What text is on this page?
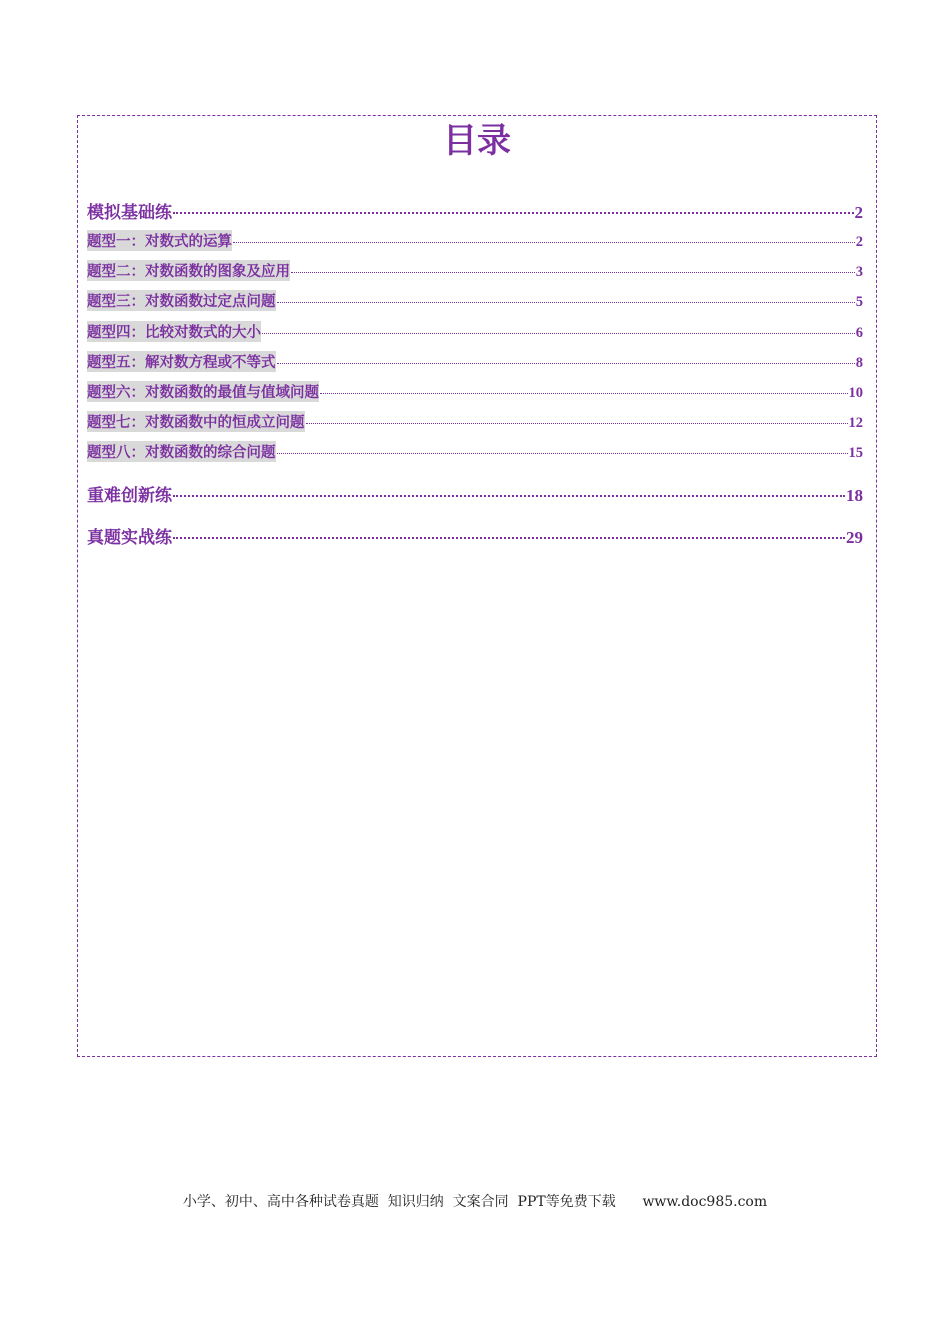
目录
模拟基础练	2
题型一：对数式的运算	2
题型二：对数函数的图象及应用	3
题型三：对数函数过定点问题	5
题型四：比较对数式的大小	6
题型五：解对数方程或不等式	8
题型六：对数函数的最值与值域问题	10
题型七：对数函数中的恒成立问题	12
题型八：对数函数的综合问题	15
重难创新练	18
真题实战练	29
小学、初中、高中各种试卷真题  知识归纳  文案合同  PPT等免费下载 www.doc985.com
